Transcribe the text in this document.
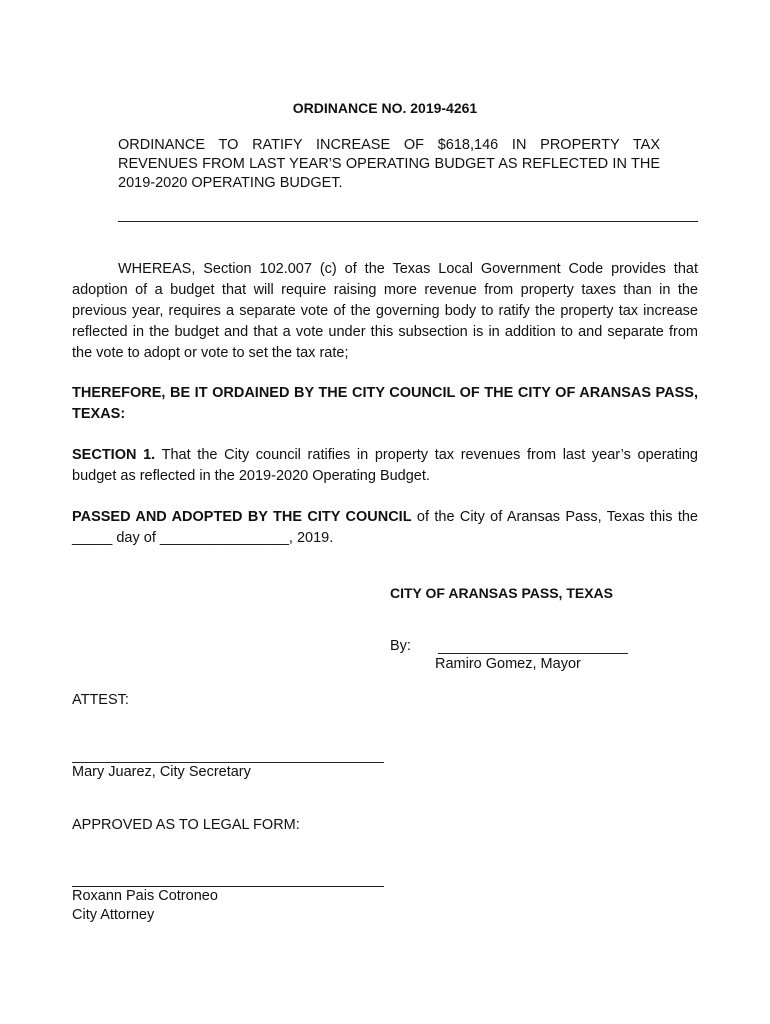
ORDINANCE NO. 2019-4261
ORDINANCE TO RATIFY INCREASE OF $618,146 IN PROPERTY TAX REVENUES FROM LAST YEAR’S OPERATING BUDGET AS REFLECTED IN THE 2019-2020 OPERATING BUDGET.

WHEREAS, Section 102.007 (c) of the Texas Local Government Code provides that adoption of a budget that will require raising more revenue from property taxes than in the previous year, requires a separate vote of the governing body to ratify the property tax increase reflected in the budget and that a vote under this subsection is in addition to and separate from the vote to adopt or vote to set the tax rate;

THEREFORE, BE IT ORDAINED BY THE CITY COUNCIL OF THE CITY OF ARANSAS PASS, TEXAS:

SECTION 1. That the City council ratifies in property tax revenues from last year’s operating budget as reflected in the 2019-2020 Operating Budget.

PASSED AND ADOPTED BY THE CITY COUNCIL of the City of Aransas Pass, Texas this the _____ day of ________________, 2019.

CITY OF ARANSAS PASS, TEXAS
By:
Ramiro Gomez, Mayor
ATTEST:
Mary Juarez, City Secretary
APPROVED AS TO LEGAL FORM:
Roxann Pais Cotroneo
City Attorney
